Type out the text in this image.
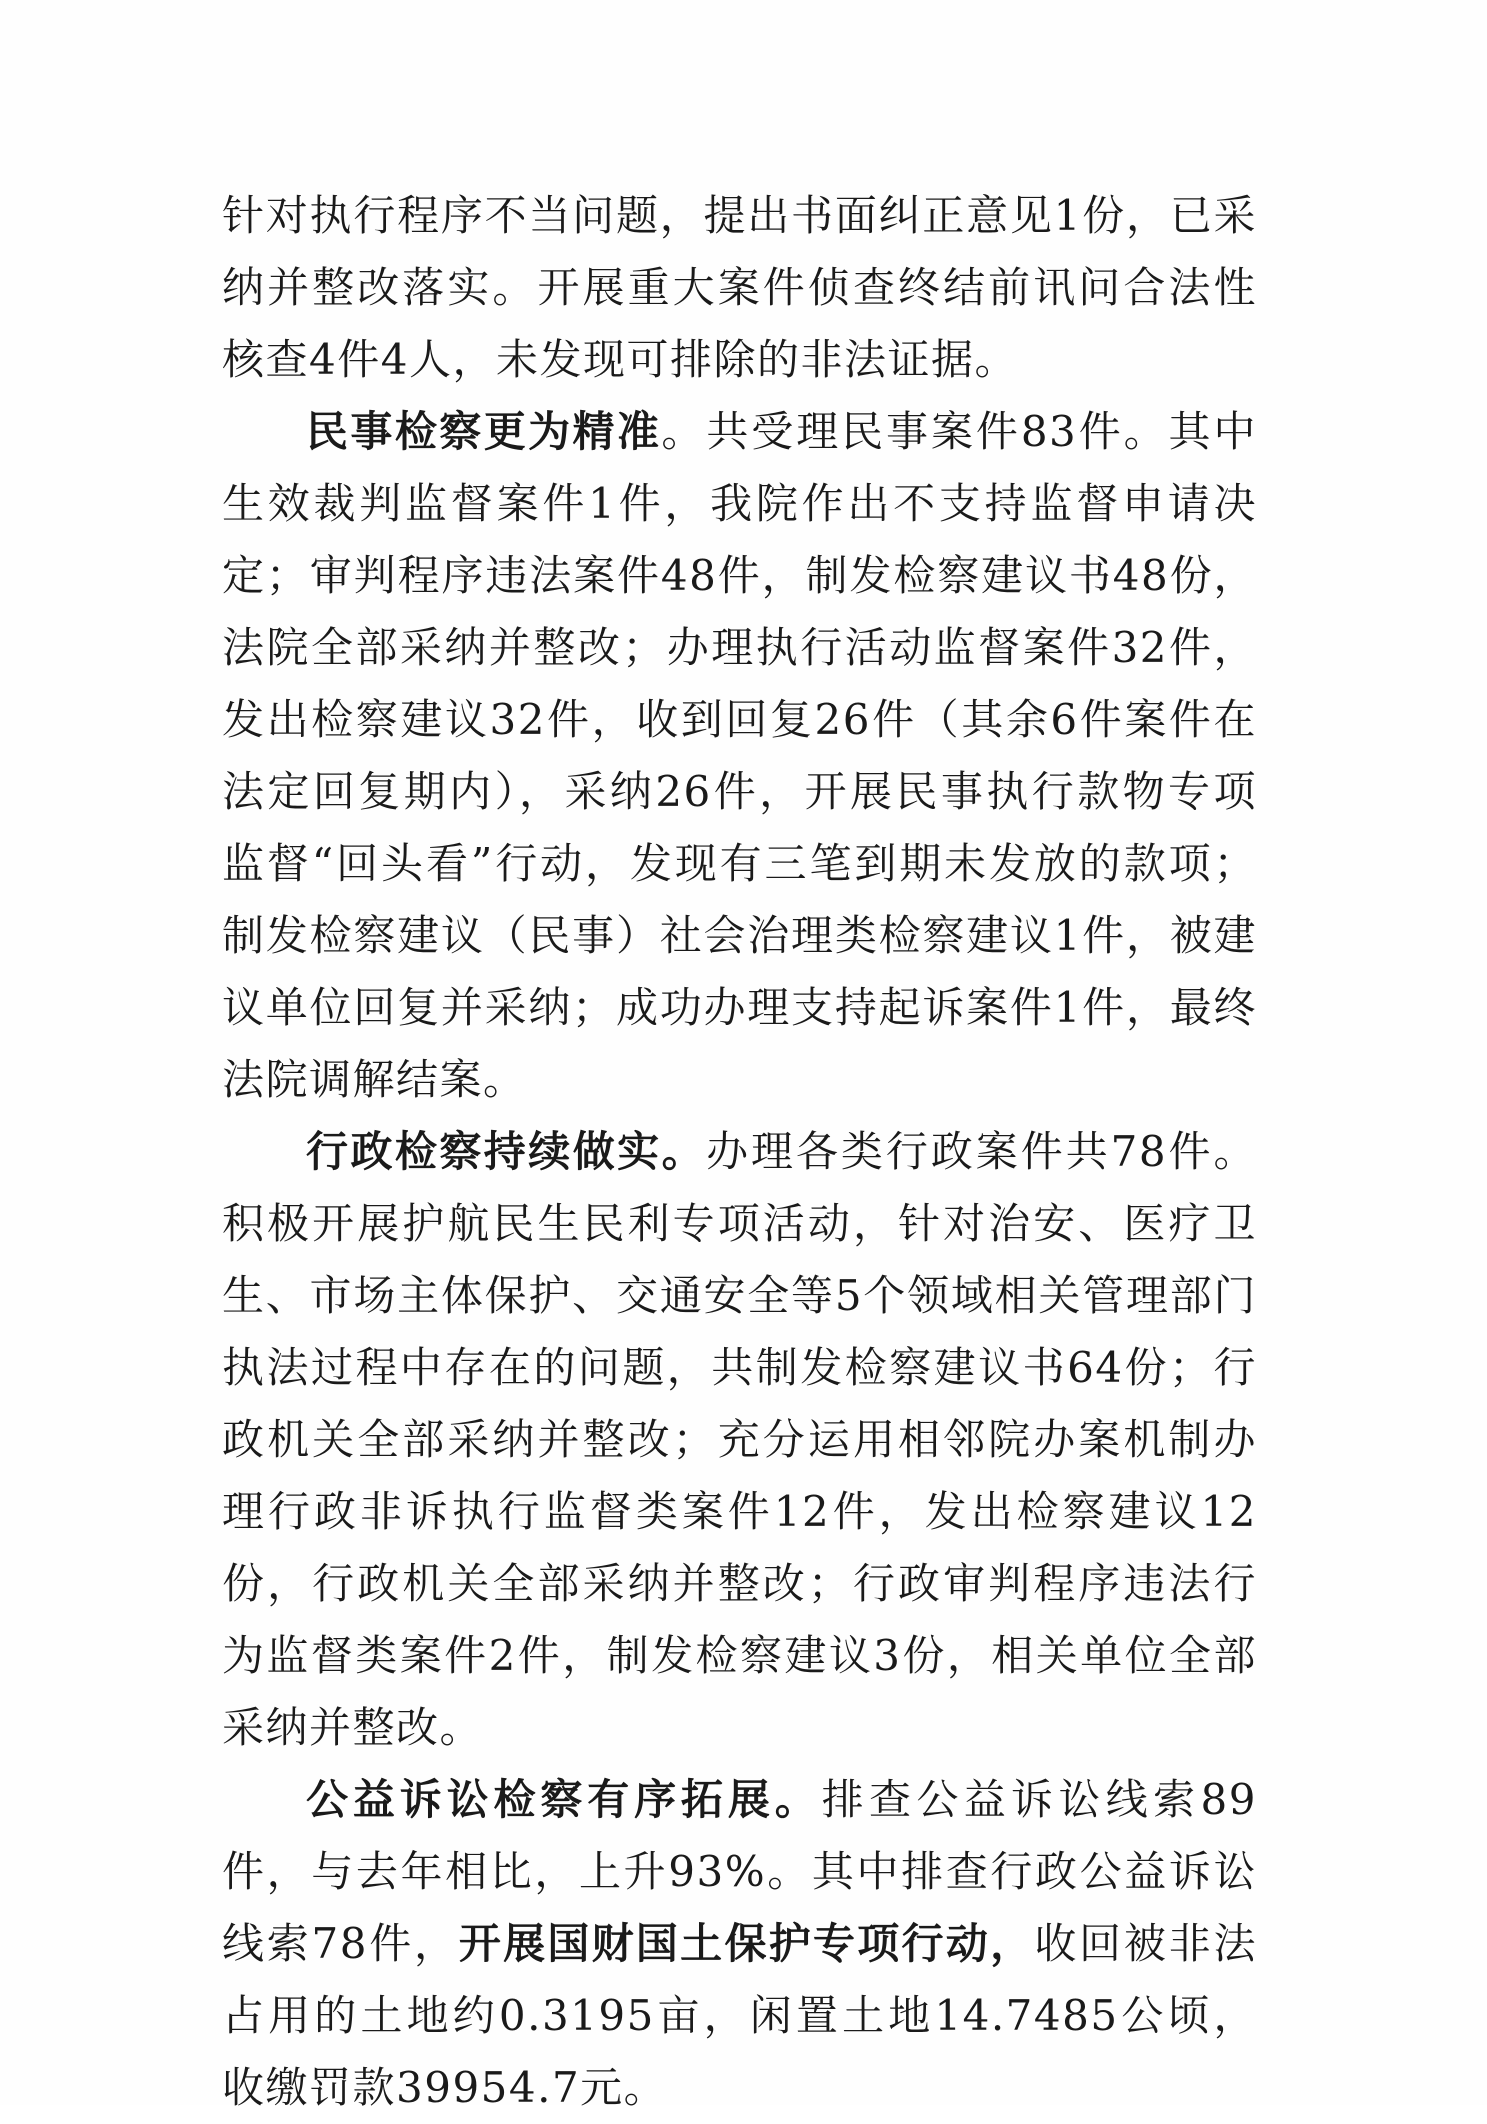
针对执行程序不当问题，提出书面纠正意见1份，已采纳并整改落实。开展重大案件侦查终结前讯问合法性核查4件4人，未发现可排除的非法证据。

民事检察更为精准。共受理民事案件83件。其中生效裁判监督案件1件，我院作出不支持监督申请决定；审判程序违法案件48件，制发检察建议书48份，法院全部采纳并整改；办理执行活动监督案件32件，发出检察建议32件，收到回复26件（其余6件案件在法定回复期内），采纳26件，开展民事执行款物专项监督“回头看”行动，发现有三笔到期未发放的款项；制发检察建议（民事）社会治理类检察建议1件，被建议单位回复并采纳；成功办理支持起诉案件1件，最终法院调解结案。

行政检察持续做实。办理各类行政案件共78件。积极开展护航民生民利专项活动，针对治安、医疗卫生、市场主体保护、交通安全等5个领域相关管理部门执法过程中存在的问题，共制发检察建议书64份；行政机关全部采纳并整改；充分运用相邻院办案机制办理行政非诉执行监督类案件12件，发出检察建议12份，行政机关全部采纳并整改；行政审判程序违法行为监督类案件2件，制发检察建议3份，相关单位全部采纳并整改。

公益诉讼检察有序拓展。排查公益诉讼线索89件，与去年相比，上升93%。其中排查行政公益诉讼线索78件，开展国财国土保护专项行动，收回被非法占用的土地约0.3195亩，闲置土地14.7485公顷，收缴罚款39954.7元。
